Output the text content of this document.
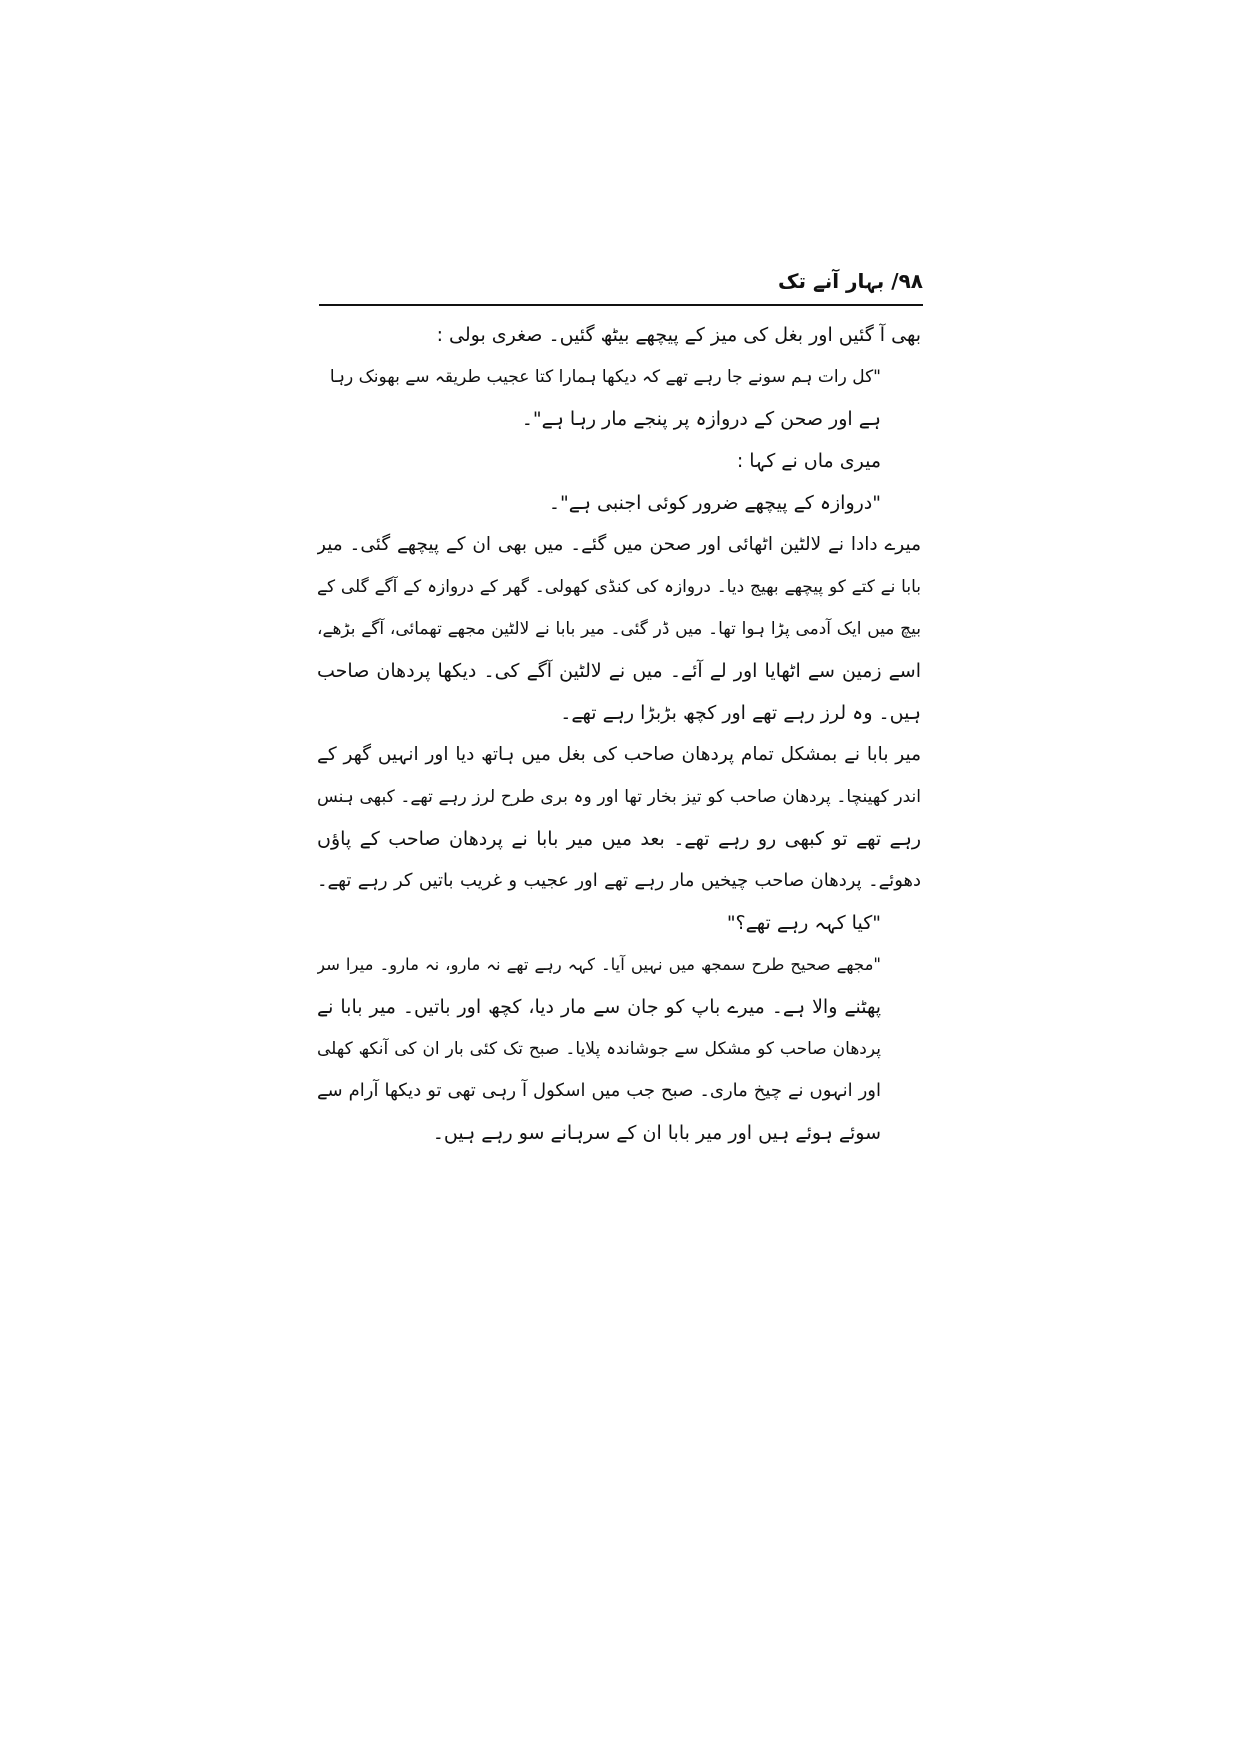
۹۸/ بہار آنے تک
بھی آ گئیں اور بغل کی میز کے پیچھے بیٹھ گئیں۔ صغری بولی :
"کل رات ہم سونے جا رہے تھے کہ دیکھا ہمارا کتا عجیب طریقہ سے بھونک رہا
ہے اور صحن کے دروازہ پر پنجے مار رہا ہے"۔
میری ماں نے کہا :
"دروازہ کے پیچھے ضرور کوئی اجنبی ہے"۔
میرے دادا نے لالٹین اٹھائی اور صحن میں گئے۔ میں بھی ان کے پیچھے گئی۔ میر
بابا نے کتے کو پیچھے بھیج دیا۔ دروازہ کی کنڈی کھولی۔ گھر کے دروازہ کے آگے گلی کے
بیچ میں ایک آدمی پڑا ہوا تھا۔ میں ڈر گئی۔ میر بابا نے لالٹین مجھے تھمائی، آگے بڑھے،
اسے زمین سے اٹھایا اور لے آئے۔ میں نے لالٹین آگے کی۔ دیکھا پردھان صاحب
ہیں۔ وہ لرز رہے تھے اور کچھ بڑبڑا رہے تھے۔
میر بابا نے بمشکل تمام پردھان صاحب کی بغل میں ہاتھ دیا اور انہیں گھر کے
اندر کھینچا۔ پردھان صاحب کو تیز بخار تھا اور وہ بری طرح لرز رہے تھے۔ کبھی ہنس
رہے تھے تو کبھی رو رہے تھے۔ بعد میں میر بابا نے پردھان صاحب کے پاؤں
دھوئے۔ پردھان صاحب چیخیں مار رہے تھے اور عجیب و غریب باتیں کر رہے تھے۔
"کیا کہہ رہے تھے؟"
"مجھے صحیح طرح سمجھ میں نہیں آیا۔ کہہ رہے تھے نہ مارو، نہ مارو۔ میرا سر
پھٹنے والا ہے۔ میرے باپ کو جان سے مار دیا، کچھ اور باتیں۔ میر بابا نے
پردھان صاحب کو مشکل سے جوشاندہ پلایا۔ صبح تک کئی بار ان کی آنکھ کھلی
اور انہوں نے چیخ ماری۔ صبح جب میں اسکول آ رہی تھی تو دیکھا آرام سے
سوئے ہوئے ہیں اور میر بابا ان کے سرہانے سو رہے ہیں۔
